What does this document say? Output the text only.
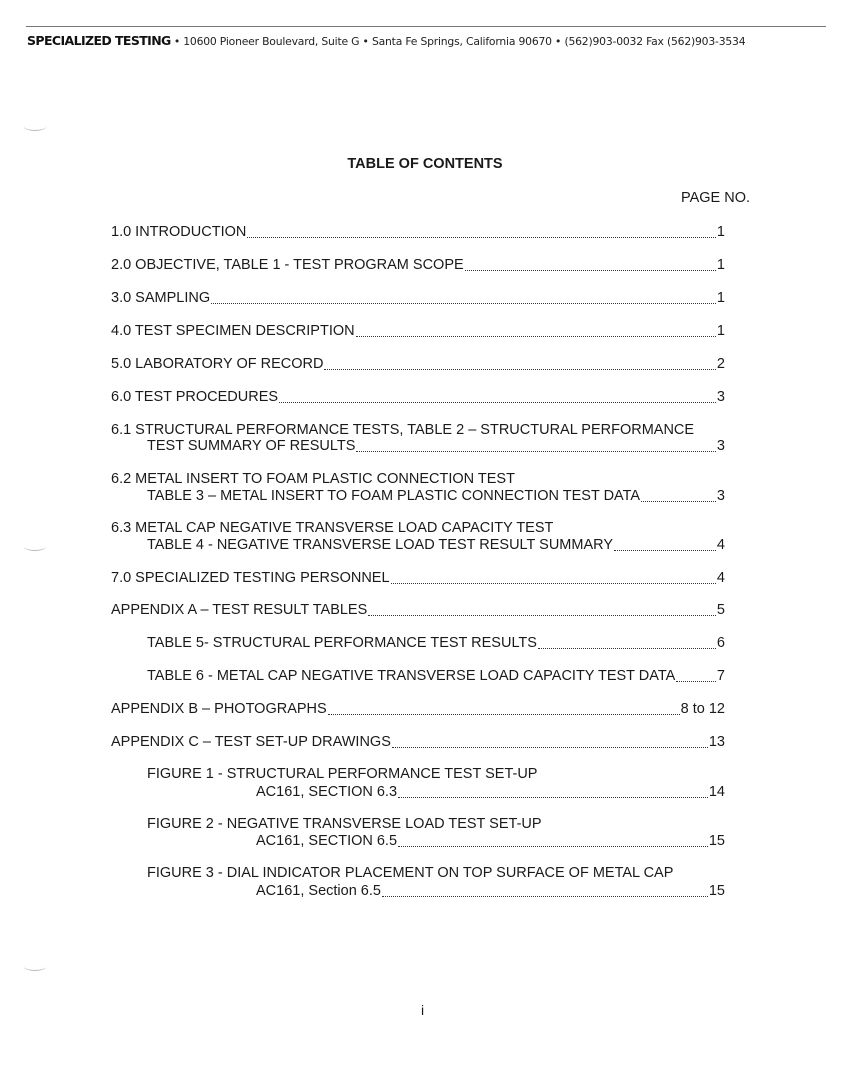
SPECIALIZED TESTING • 10600 Pioneer Boulevard, Suite G • Santa Fe Springs, California 90670 • (562)903-0032 Fax (562)903-3534
TABLE OF CONTENTS
PAGE NO.
1.0 INTRODUCTION	1
2.0 OBJECTIVE, TABLE 1 - TEST PROGRAM SCOPE	1
3.0 SAMPLING	1
4.0 TEST SPECIMEN DESCRIPTION	1
5.0 LABORATORY OF RECORD	2
6.0 TEST PROCEDURES	3
6.1 STRUCTURAL PERFORMANCE TESTS, TABLE 2 – STRUCTURAL PERFORMANCE
TEST SUMMARY OF RESULTS	3
6.2 METAL INSERT TO FOAM PLASTIC CONNECTION TEST
TABLE 3 – METAL INSERT TO FOAM PLASTIC CONNECTION TEST DATA	3
6.3 METAL CAP NEGATIVE TRANSVERSE LOAD CAPACITY TEST
TABLE 4 - NEGATIVE TRANSVERSE LOAD TEST RESULT SUMMARY	4
7.0 SPECIALIZED TESTING PERSONNEL	4
APPENDIX A – TEST RESULT TABLES	5
TABLE 5- STRUCTURAL PERFORMANCE TEST RESULTS	6
TABLE 6 - METAL CAP NEGATIVE TRANSVERSE LOAD CAPACITY TEST DATA	7
APPENDIX B – PHOTOGRAPHS	8 to 12
APPENDIX C – TEST SET-UP DRAWINGS	13
FIGURE 1 - STRUCTURAL PERFORMANCE TEST SET-UP
AC161, SECTION 6.3	14
FIGURE 2 - NEGATIVE TRANSVERSE LOAD TEST SET-UP
AC161, SECTION 6.5	15
FIGURE 3 - DIAL INDICATOR PLACEMENT ON TOP SURFACE OF METAL CAP
AC161, Section 6.5	15
i
